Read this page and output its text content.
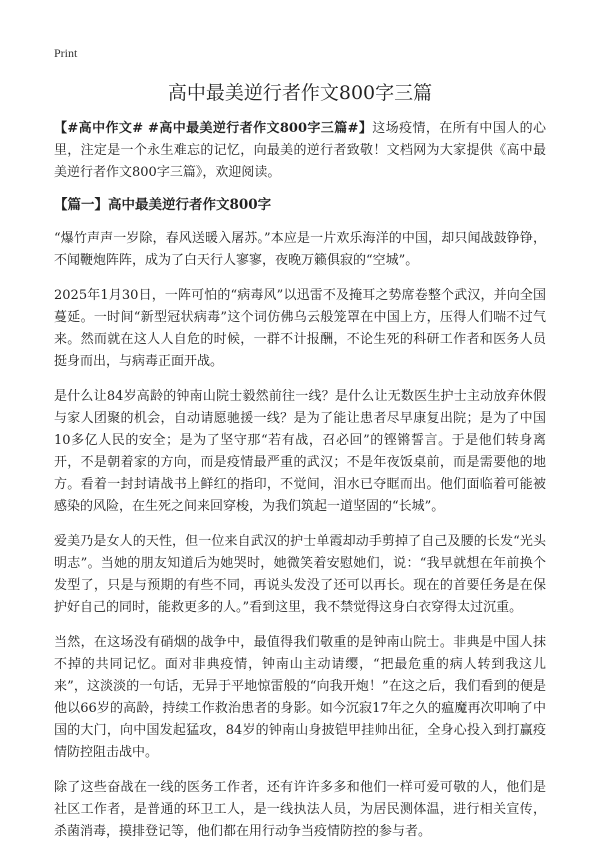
Print
高中最美逆行者作文800字三篇

【#高中作文# #高中最美逆行者作文800字三篇#】这场疫情，在所有中国人的心里，注定是一个永生难忘的记忆，向最美的逆行者致敬！文档网为大家提供《高中最美逆行者作文800字三篇》，欢迎阅读。

【篇一】高中最美逆行者作文800字

“爆竹声声一岁除，春风送暖入屠苏。”本应是一片欢乐海洋的中国，却只闻战鼓铮铮，不闻鞭炮阵阵，成为了白天行人寥寥，夜晚万籁俱寂的“空城”。

2025年1月30日，一阵可怕的“病毒风”以迅雷不及掩耳之势席卷整个武汉，并向全国蔓延。一时间“新型冠状病毒”这个词仿佛乌云般笼罩在中国上方，压得人们喘不过气来。然而就在这人人自危的时候，一群不计报酬，不论生死的科研工作者和医务人员挺身而出，与病毒正面开战。

是什么让84岁高龄的钟南山院士毅然前往一线？是什么让无数医生护士主动放弃休假与家人团聚的机会，自动请愿驰援一线？是为了能让患者尽早康复出院；是为了中国10多亿人民的安全；是为了坚守那“若有战，召必回”的铿锵誓言。于是他们转身离开，不是朝着家的方向，而是疫情最严重的武汉；不是年夜饭桌前，而是需要他的地方。看着一封封请战书上鲜红的指印，不觉间，泪水已夺眶而出。他们面临着可能被感染的风险，在生死之间来回穿梭，为我们筑起一道坚固的“长城”。

爱美乃是女人的天性，但一位来自武汉的护士单霞却动手剪掉了自己及腰的长发“光头明志”。当她的朋友知道后为她哭时，她微笑着安慰她们，说：“我早就想在年前换个发型了，只是与预期的有些不同，再说头发没了还可以再长。现在的首要任务是在保护好自己的同时，能救更多的人。”看到这里，我不禁觉得这身白衣穿得太过沉重。

当然，在这场没有硝烟的战争中，最值得我们敬重的是钟南山院士。非典是中国人抹不掉的共同记忆。面对非典疫情，钟南山主动请缨，“把最危重的病人转到我这儿来”，这淡淡的一句话，无异于平地惊雷般的“向我开炮！”在这之后，我们看到的便是他以66岁的高龄，持续工作救治患者的身影。如今沉寂17年之久的瘟魔再次叩响了中国的大门，向中国发起猛攻，84岁的钟南山身披铠甲挂帅出征，全身心投入到打赢疫情防控阻击战中。

除了这些奋战在一线的医务工作者，还有许许多多和他们一样可爱可敬的人，他们是社区工作者，是普通的环卫工人，是一线执法人员，为居民测体温，进行相关宣传，杀菌消毒，摸排登记等，他们都在用行动争当疫情防控的参与者。
